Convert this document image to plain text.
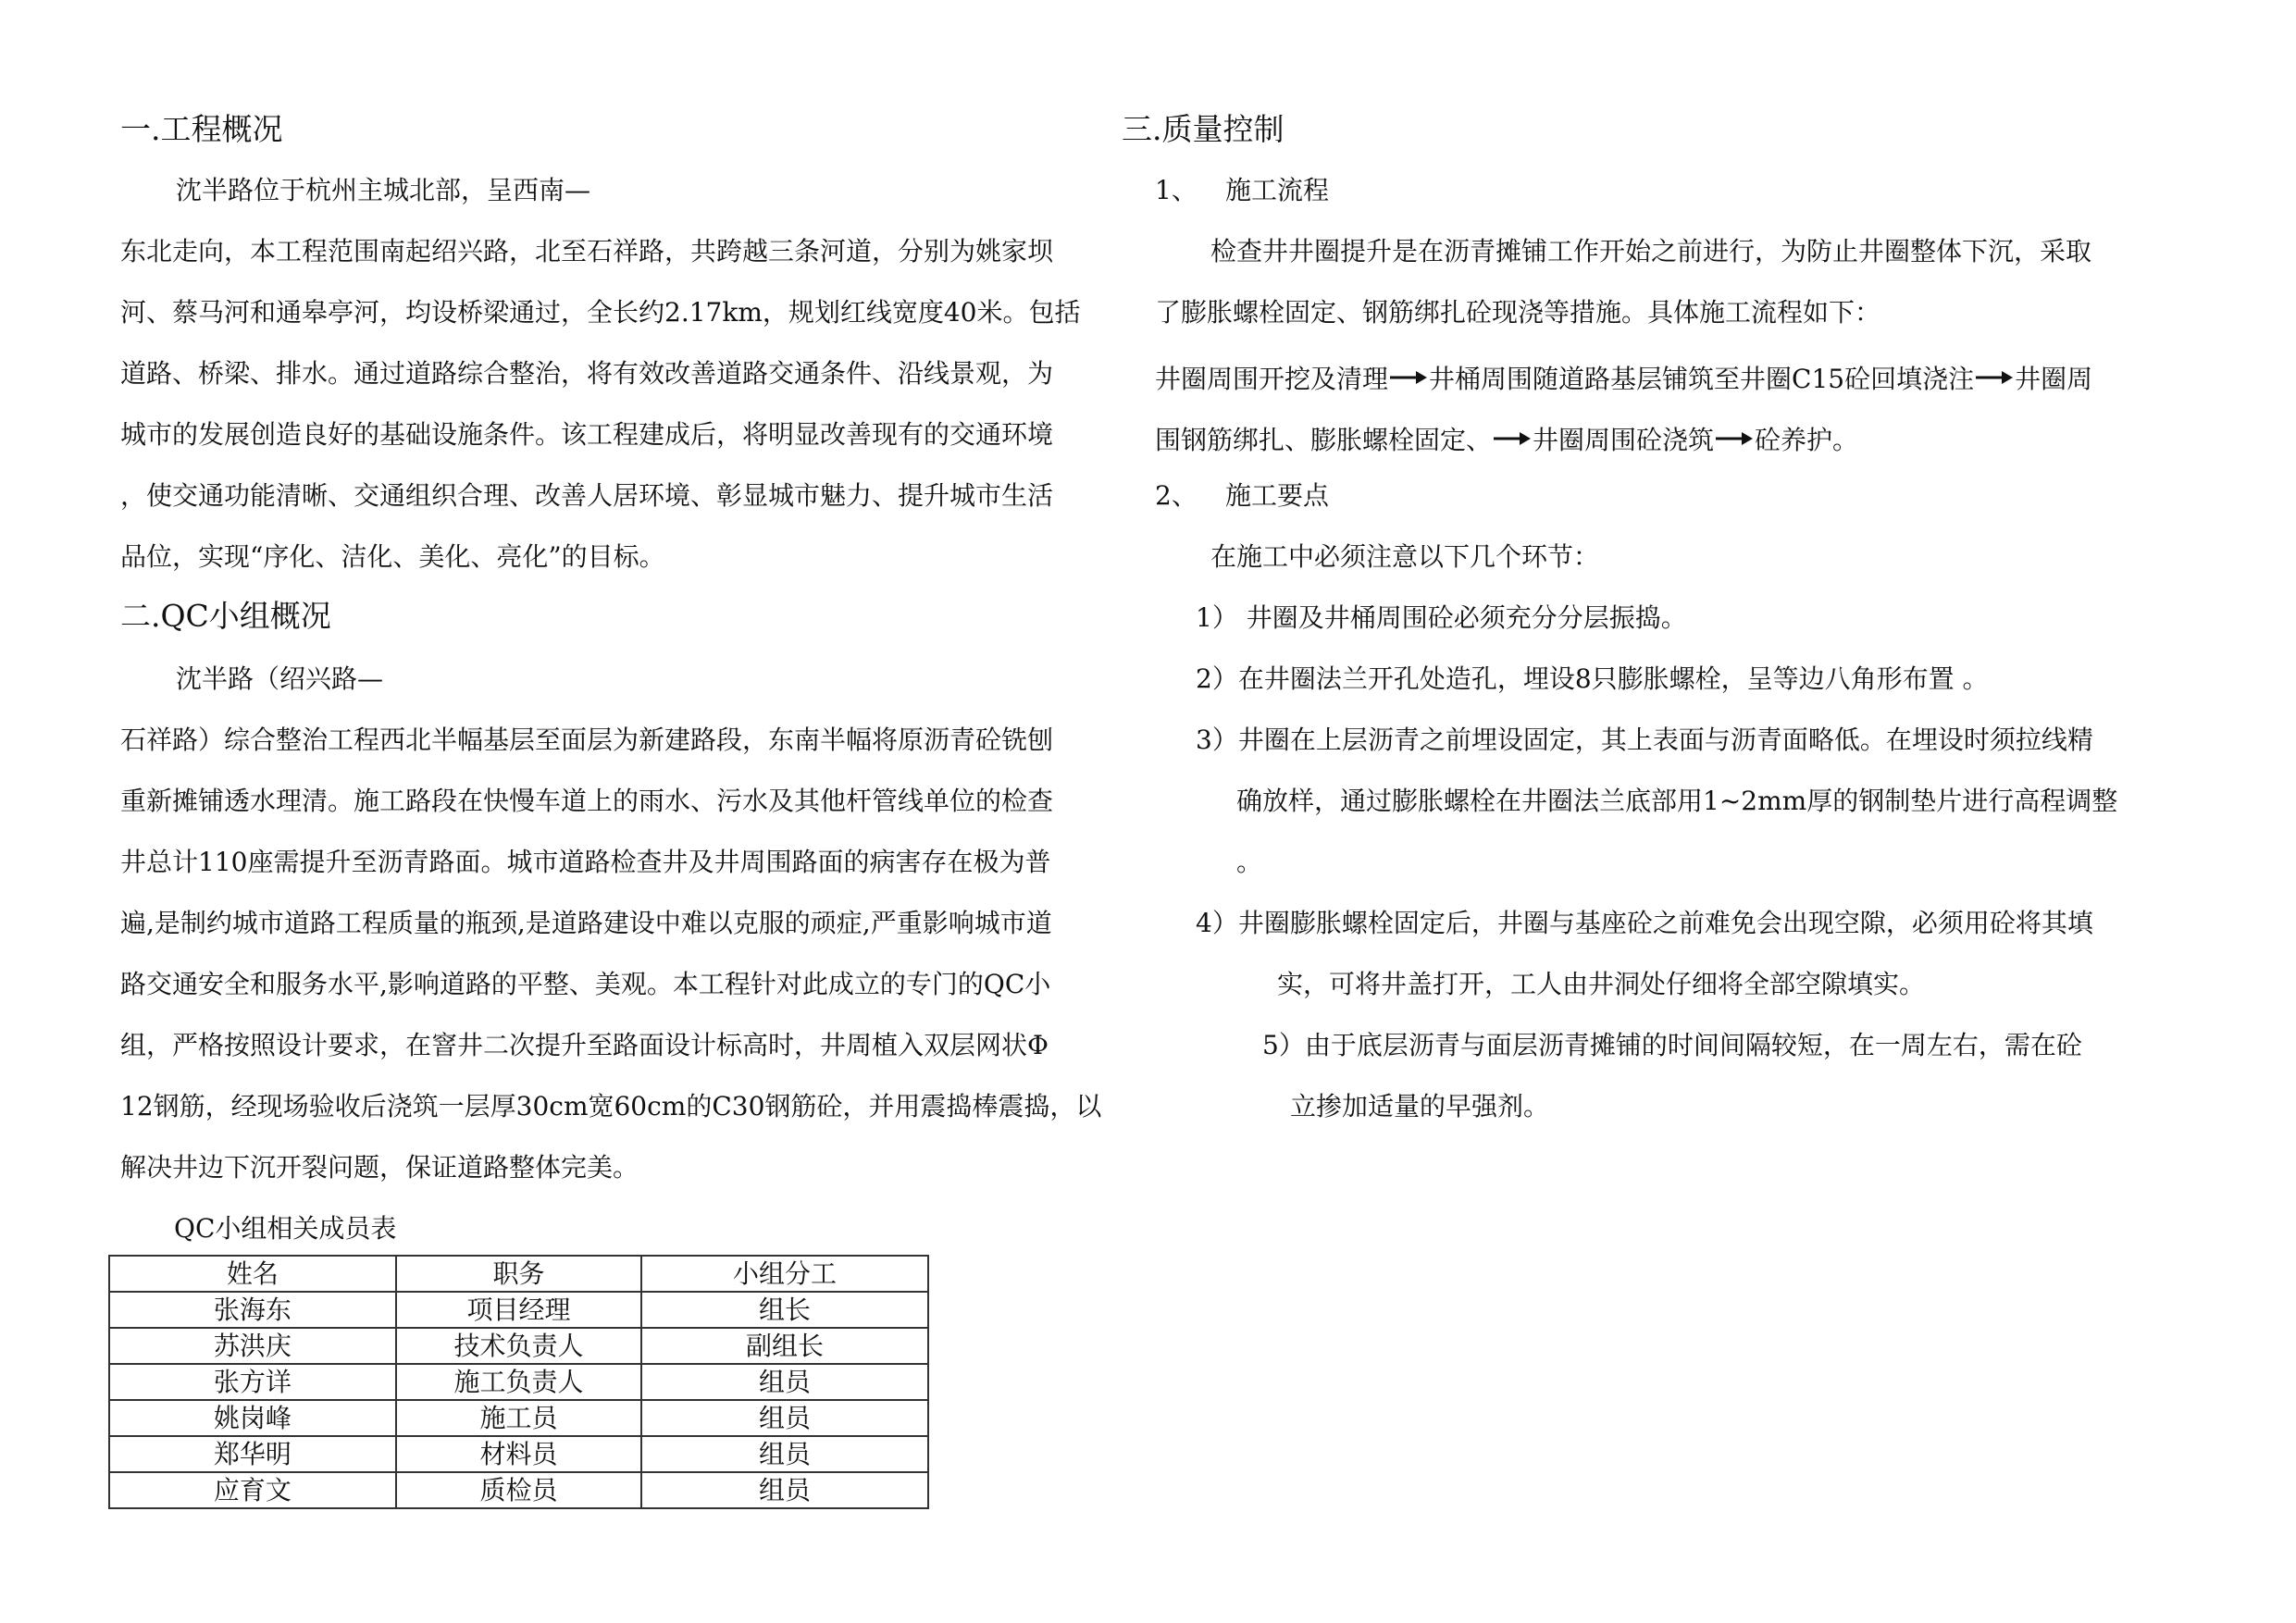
一.工程概况
沈半路位于杭州主城北部，呈西南—
东北走向，本工程范围南起绍兴路，北至石祥路，共跨越三条河道，分别为姚家坝
河、蔡马河和通皋亭河，均设桥梁通过，全长约2.17km，规划红线宽度40米。包括
道路、桥梁、排水。通过道路综合整治，将有效改善道路交通条件、沿线景观，为
城市的发展创造良好的基础设施条件。该工程建成后，将明显改善现有的交通环境
，使交通功能清晰、交通组织合理、改善人居环境、彰显城市魅力、提升城市生活
品位，实现“序化、洁化、美化、亮化”的目标。
二.QC小组概况
沈半路（绍兴路—
石祥路）综合整治工程西北半幅基层至面层为新建路段，东南半幅将原沥青砼铣刨
重新摊铺透水理清。施工路段在快慢车道上的雨水、污水及其他杆管线单位的检查
井总计110座需提升至沥青路面。城市道路检查井及井周围路面的病害存在极为普
遍,是制约城市道路工程质量的瓶颈,是道路建设中难以克服的顽症,严重影响城市道
路交通安全和服务水平,影响道路的平整、美观。本工程针对此成立的专门的QC小
组，严格按照设计要求，在窨井二次提升至路面设计标高时，井周植入双层网状Φ
12钢筋，经现场验收后浇筑一层厚30cm宽60cm的C30钢筋砼，并用震捣棒震捣，以
解决井边下沉开裂问题，保证道路整体完美。
QC小组相关成员表
姓名	职务	小组分工
张海东	项目经理	组长
苏洪庆	技术负责人	副组长
张方详	施工负责人	组员
姚岗峰	施工员	组员
郑华明	材料员	组员
应育文	质检员	组员
三.质量控制
1、 施工流程
检查井井圈提升是在沥青摊铺工作开始之前进行，为防止井圈整体下沉，采取
了膨胀螺栓固定、钢筋绑扎砼现浇等措施。具体施工流程如下：
井圈周围开挖及清理 井桶周围随道路基层铺筑至井圈C15砼回填浇注 井圈周
围钢筋绑扎、膨胀螺栓固定、 井圈周围砼浇筑 砼养护。
2、 施工要点
在施工中必须注意以下几个环节：
1） 井圈及井桶周围砼必须充分分层振捣。
2）在井圈法兰开孔处造孔，埋设8只膨胀螺栓，呈等边八角形布置 。
3）井圈在上层沥青之前埋设固定，其上表面与沥青面略低。在埋设时须拉线精
确放样，通过膨胀螺栓在井圈法兰底部用1~2mm厚的钢制垫片进行高程调整
。
4）井圈膨胀螺栓固定后，井圈与基座砼之前难免会出现空隙，必须用砼将其填
实，可将井盖打开，工人由井洞处仔细将全部空隙填实。
5）由于底层沥青与面层沥青摊铺的时间间隔较短，在一周左右，需在砼
立掺加适量的早强剂。
